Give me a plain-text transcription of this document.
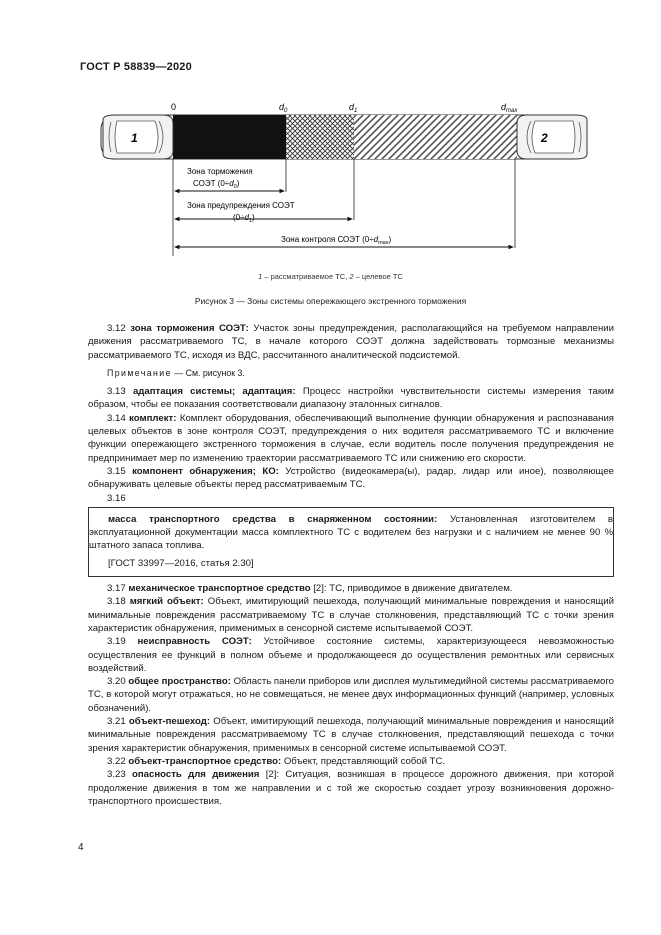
ГОСТ Р 58839—2020
0	$d_0$	$d_1$	$d_{max}$
1	2
Зона торможения
СОЭТ $(0\div d_0)$
Зона предупреждения СОЭТ
$(0\div d_1)$
Зона контроля СОЭТ $(0\div d_{max})$
1 – рассматриваемое ТС, 2 – целевое ТС
Рисунок 3 — Зоны системы опережающего экстренного торможения

3.12 зона торможения СОЭТ: Участок зоны предупреждения, располагающийся на требуемом направлении движения рассматриваемого ТС, в начале которого СОЭТ должна задействовать тормозные механизмы рассматриваемого ТС, исходя из ВДС, рассчитанного аналитической подсистемой.

Примечание — См. рисунок 3.

3.13 адаптация системы; адаптация: Процесс настройки чувствительности системы измерения таким образом, чтобы ее показания соответствовали диапазону эталонных сигналов.

3.14 комплект: Комплект оборудования, обеспечивающий выполнение функции обнаружения и распознавания целевых объектов в зоне контроля СОЭТ, предупреждения о них водителя рассматриваемого ТС и включение функции опережающего экстренного торможения в случае, если водитель после получения предупреждения не предпринимает мер по изменению траектории рассматриваемого ТС или снижению его скорости.

3.15 компонент обнаружения; КО: Устройство (видеокамера(ы), радар, лидар или иное), позволяющее обнаруживать целевые объекты перед рассматриваемым ТС.

3.16

масса транспортного средства в снаряженном состоянии: Установленная изготовителем в эксплуатационной документации масса комплектного ТС с водителем без нагрузки и с наличием не менее 90 % штатного запаса топлива.

[ГОСТ 33997—2016, статья 2.30]

3.17 механическое транспортное средство [2]: ТС, приводимое в движение двигателем.

3.18 мягкий объект: Объект, имитирующий пешехода, получающий минимальные повреждения и наносящий минимальные повреждения рассматриваемому ТС в случае столкновения, представляющий ТС с точки зрения характеристик обнаружения, применимых в сенсорной системе испытываемой СОЭТ.

3.19 неисправность СОЭТ: Устойчивое состояние системы, характеризующееся невозможностью осуществления ее функций в полном объеме и продолжающееся до осуществления ремонтных или сервисных воздействий.

3.20 общее пространство: Область панели приборов или дисплея мультимедийной системы рассматриваемого ТС, в которой могут отражаться, но не совмещаться, не менее двух информационных функций (например, условных обозначений).

3.21 объект-пешеход: Объект, имитирующий пешехода, получающий минимальные повреждения и наносящий минимальные повреждения рассматриваемому ТС в случае столкновения, представляющий пешехода с точки зрения характеристик обнаружения, применимых в сенсорной системе испытываемой СОЭТ.

3.22 объект-транспортное средство: Объект, представляющий собой ТС.

3.23 опасность для движения [2]: Ситуация, возникшая в процессе дорожного движения, при которой продолжение движения в том же направлении и с той же скоростью создает угрозу возникновения дорожно-транспортного происшествия.

4
